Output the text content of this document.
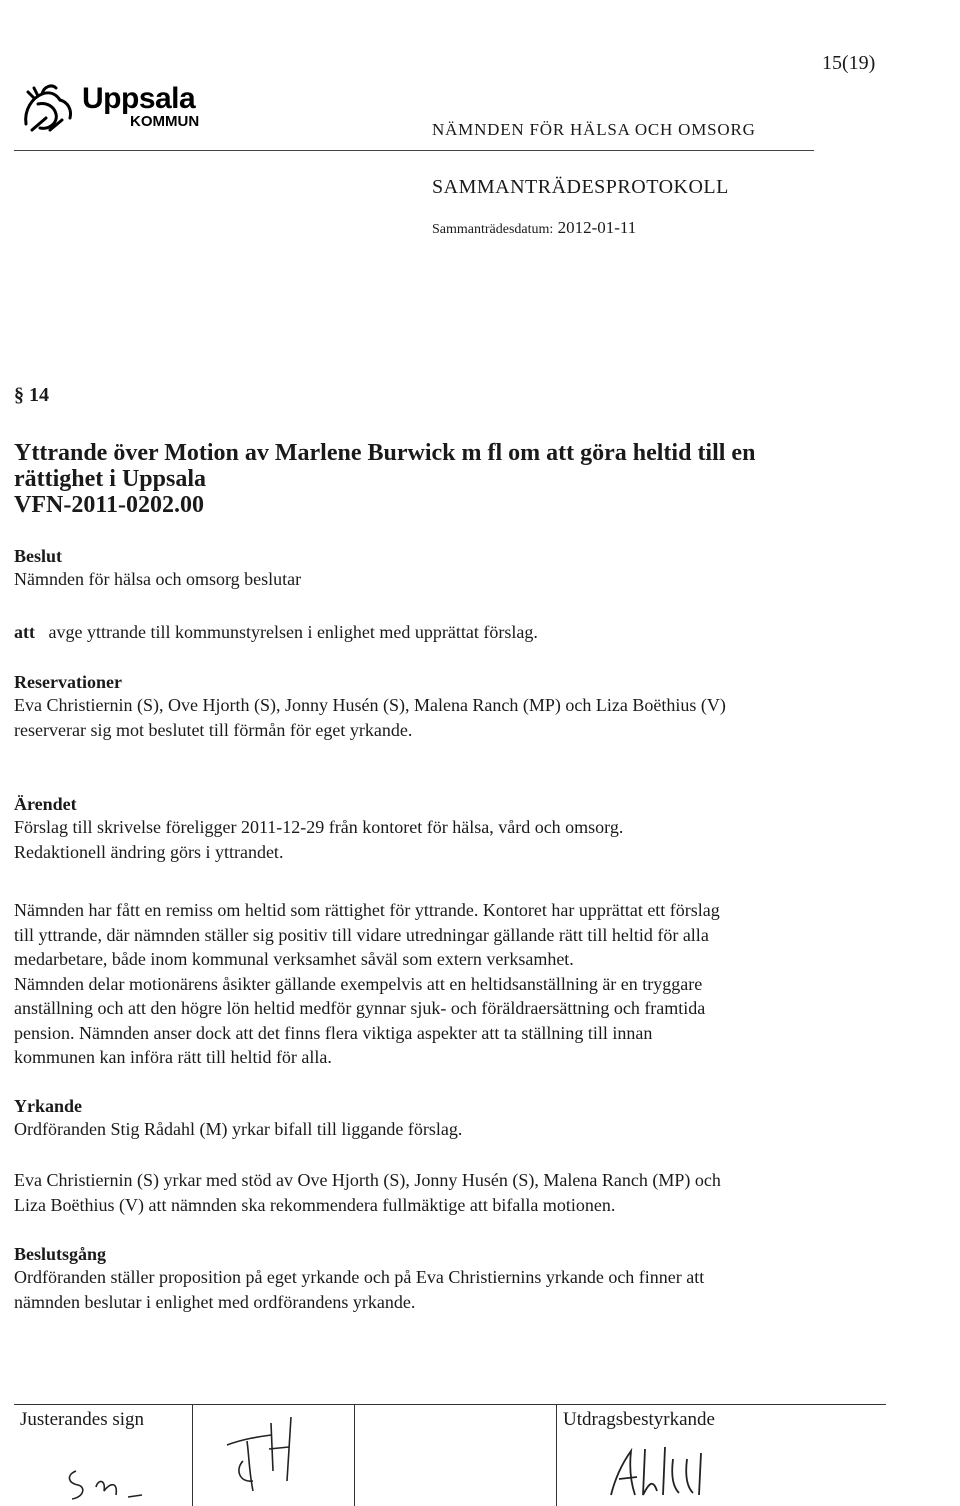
15(19)
Uppsala
KOMMUN	NÄMNDEN FÖR HÄLSA OCH OMSORG
SAMMANTRÄDESPROTOKOLL
Sammanträdesdatum: 2012-01-11
§ 14
Yttrande över Motion av Marlene Burwick m fl om att göra heltid till en
rättighet i Uppsala
VFN-2011-0202.00
Beslut
Nämnden för hälsa och omsorg beslutar
att avge yttrande till kommunstyrelsen i enlighet med upprättat förslag.
Reservationer
Eva Christiernin (S), Ove Hjorth (S), Jonny Husén (S), Malena Ranch (MP) och Liza Boëthius (V)
reserverar sig mot beslutet till förmån för eget yrkande.
Ärendet
Förslag till skrivelse föreligger 2011-12-29 från kontoret för hälsa, vård och omsorg.
Redaktionell ändring görs i yttrandet.
Nämnden har fått en remiss om heltid som rättighet för yttrande. Kontoret har upprättat ett förslag
till yttrande, där nämnden ställer sig positiv till vidare utredningar gällande rätt till heltid för alla
medarbetare, både inom kommunal verksamhet såväl som extern verksamhet.
Nämnden delar motionärens åsikter gällande exempelvis att en heltidsanställning är en tryggare
anställning och att den högre lön heltid medför gynnar sjuk- och föräldraersättning och framtida
pension. Nämnden anser dock att det finns flera viktiga aspekter att ta ställning till innan
kommunen kan införa rätt till heltid för alla.
Yrkande
Ordföranden Stig Rådahl (M) yrkar bifall till liggande förslag.
Eva Christiernin (S) yrkar med stöd av Ove Hjorth (S), Jonny Husén (S), Malena Ranch (MP) och
Liza Boëthius (V) att nämnden ska rekommendera fullmäktige att bifalla motionen.
Beslutsgång
Ordföranden ställer proposition på eget yrkande och på Eva Christiernins yrkande och finner att
nämnden beslutar i enlighet med ordförandens yrkande.
Justerandes sign	Utdragsbestyrkande
